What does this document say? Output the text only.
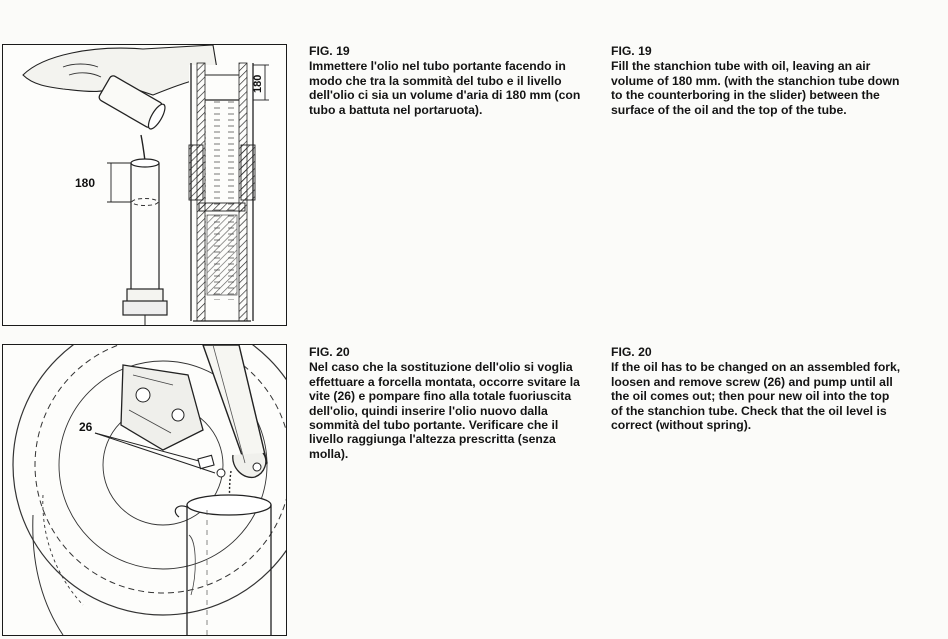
180
180
26
FIG. 19
Immettere l'olio nel tubo portante facendo in modo che tra la sommità del tubo e il livello dell'olio ci sia un volume d'aria di 180 mm (con tubo a battuta nel portaruota).
FIG. 19
Fill the stanchion tube with oil, leaving an air volume of 180 mm. (with the stanchion tube down to the counterboring in the slider) between the surface of the oil and the top of the tube.
FIG. 20
Nel caso che la sostituzione dell'olio si voglia effettuare a forcella montata, occorre svitare la vite (26) e pompare fino alla totale fuoriuscita dell'olio, quindi inserire l'olio nuovo dalla sommità del tubo portante. Verificare che il livello raggiunga l'altezza prescritta (senza molla).
FIG. 20
If the oil has to be changed on an assembled fork, loosen and remove screw (26) and pump until all the oil comes out; then pour new oil into the top of the stanchion tube. Check that the oil level is correct (without spring).
